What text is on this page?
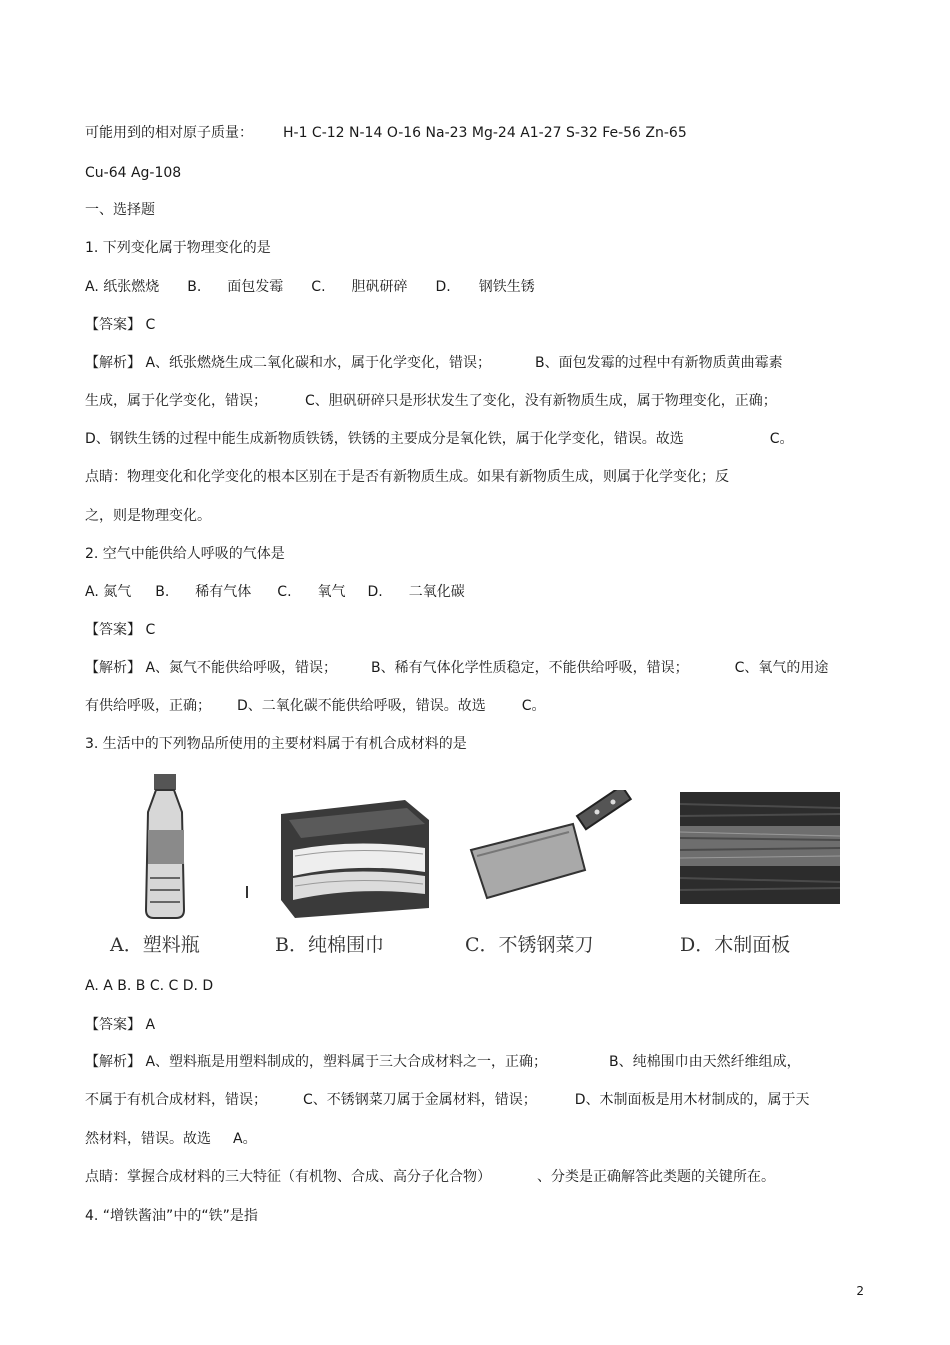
可能用到的相对原子质量： H-1 C-12 N-14 O-16 Na-23 Mg-24 A1-27 S-32 Fe-56 Zn-65
Cu-64 Ag-108
一、选择题
1. 下列变化属于物理变化的是
A. 纸张燃烧 B. 面包发霉 C. 胆矾研碎 D. 钢铁生锈
【答案】 C
【解析】 A、纸张燃烧生成二氧化碳和水，属于化学变化，错误；	B、面包发霉的过程中有新物质黄曲霉素
生成，属于化学变化，错误；	C、胆矾研碎只是形状发生了变化，没有新物质生成，属于物理变化，正确；
D、钢铁生锈的过程中能生成新物质铁锈，铁锈的主要成分是氧化铁，属于化学变化，错误。故选	C。
点睛：物理变化和化学变化的根本区别在于是否有新物质生成。如果有新物质生成，则属于化学变化；反
之，则是物理变化。
2. 空气中能供给人呼吸的气体是
A. 氮气 B. 稀有气体 C. 氧气 D. 二氧化碳
【答案】 C
【解析】 A、氮气不能供给呼吸，错误； B、稀有气体化学性质稳定，不能供给呼吸，错误；	C、氧气的用途
有供给呼吸，正确； D、二氧化碳不能供给呼吸，错误。故选	C。
3. 生活中的下列物品所使用的主要材料属于有机合成材料的是
A．塑料瓶	B．纯棉围巾	C．不锈钢菜刀	D．木制面板
A. A B. B C. C D. D
【答案】 A
【解析】 A、塑料瓶是用塑料制成的，塑料属于三大合成材料之一，正确；	B、纯棉围巾由天然纤维组成，
不属于有机合成材料，错误；	C、不锈钢菜刀属于金属材料，错误；	D、木制面板是用木材制成的，属于天
然材料，错误。故选 A。
点睛：掌握合成材料的三大特征（有机物、合成、高分子化合物）	、分类是正确解答此类题的关键所在。
4. “增铁酱油”中的“铁”是指
2
